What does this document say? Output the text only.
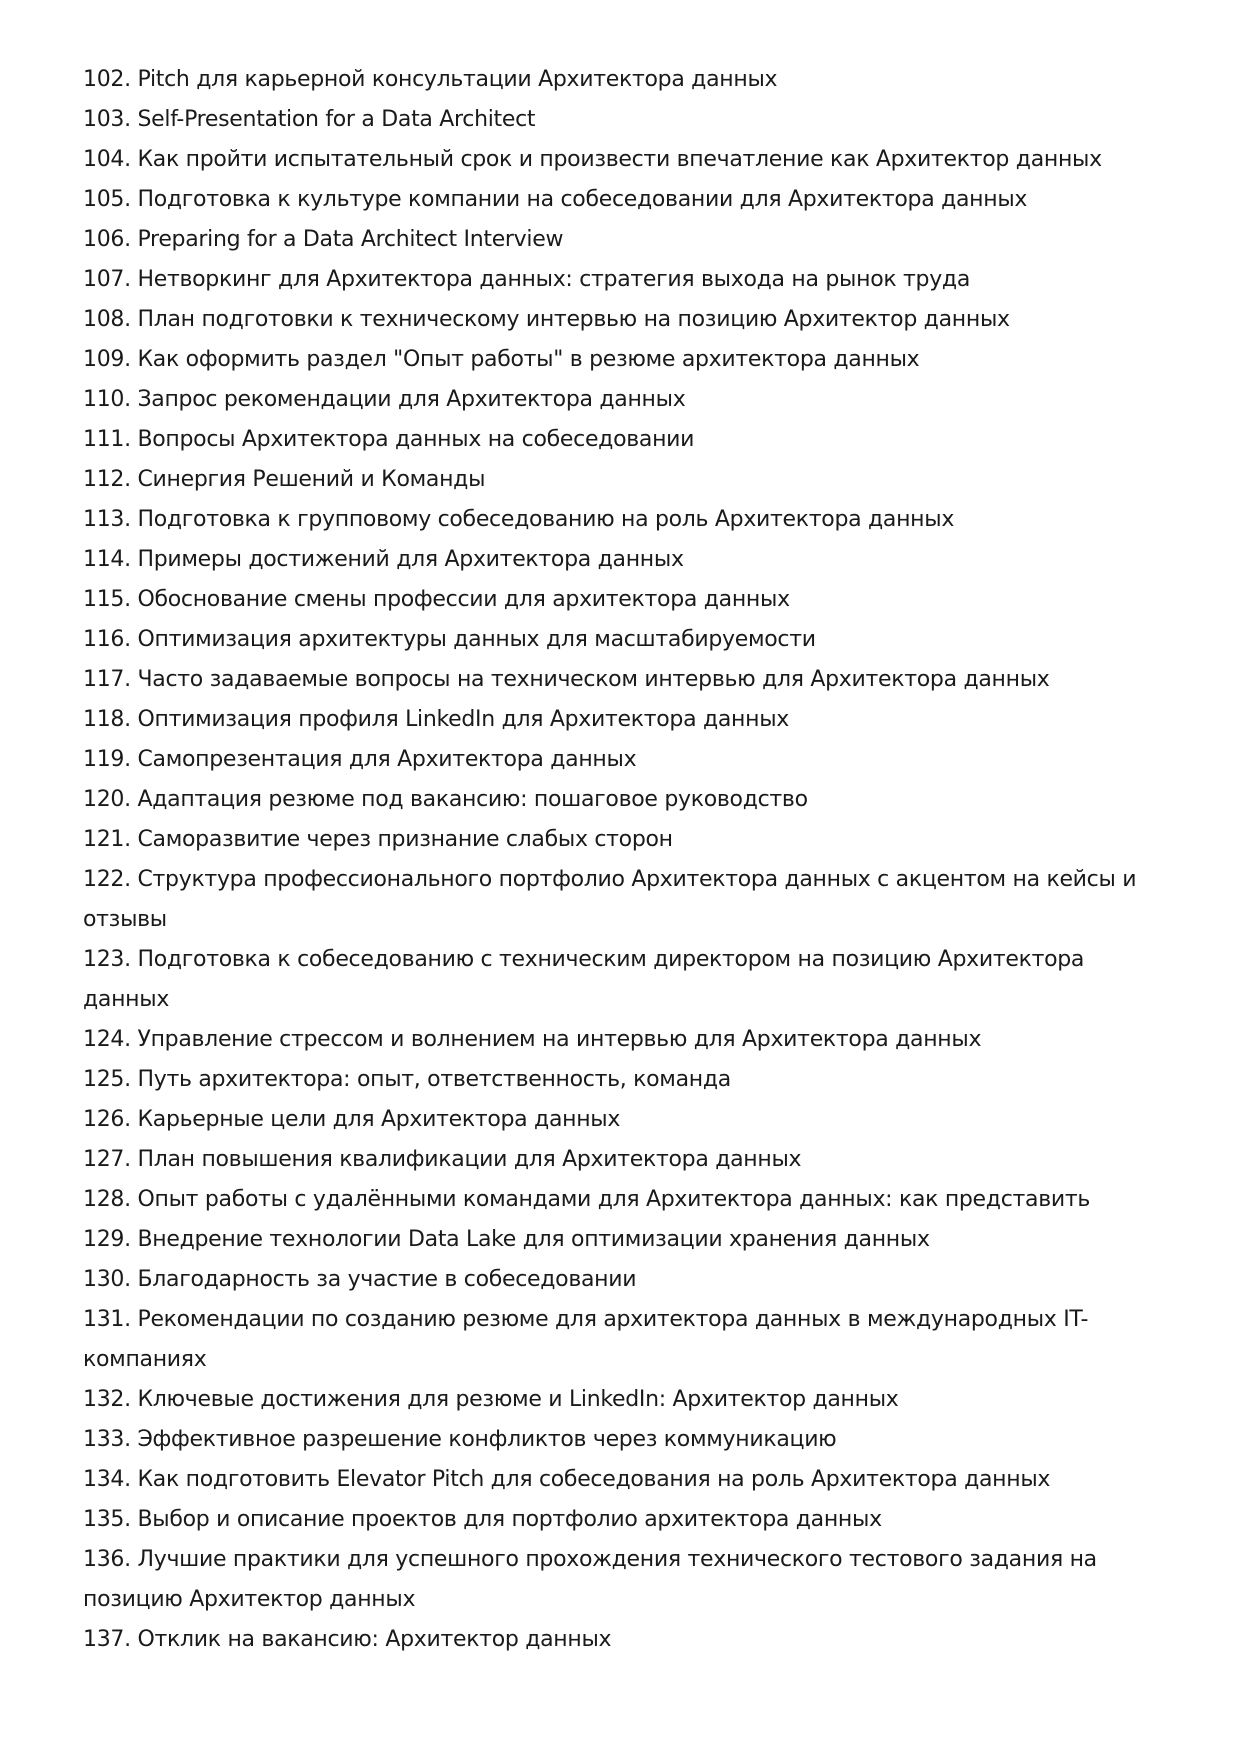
102. Pitch для карьерной консультации Архитектора данных
103. Self-Presentation for a Data Architect
104. Как пройти испытательный срок и произвести впечатление как Архитектор данных
105. Подготовка к культуре компании на собеседовании для Архитектора данных
106. Preparing for a Data Architect Interview
107. Нетворкинг для Архитектора данных: стратегия выхода на рынок труда
108. План подготовки к техническому интервью на позицию Архитектор данных
109. Как оформить раздел "Опыт работы" в резюме архитектора данных
110. Запрос рекомендации для Архитектора данных
111. Вопросы Архитектора данных на собеседовании
112. Синергия Решений и Команды
113. Подготовка к групповому собеседованию на роль Архитектора данных
114. Примеры достижений для Архитектора данных
115. Обоснование смены профессии для архитектора данных
116. Оптимизация архитектуры данных для масштабируемости
117. Часто задаваемые вопросы на техническом интервью для Архитектора данных
118. Оптимизация профиля LinkedIn для Архитектора данных
119. Самопрезентация для Архитектора данных
120. Адаптация резюме под вакансию: пошаговое руководство
121. Саморазвитие через признание слабых сторон
122. Структура профессионального портфолио Архитектора данных с акцентом на кейсы и отзывы
123. Подготовка к собеседованию с техническим директором на позицию Архитектора данных
124. Управление стрессом и волнением на интервью для Архитектора данных
125. Путь архитектора: опыт, ответственность, команда
126. Карьерные цели для Архитектора данных
127. План повышения квалификации для Архитектора данных
128. Опыт работы с удалёнными командами для Архитектора данных: как представить
129. Внедрение технологии Data Lake для оптимизации хранения данных
130. Благодарность за участие в собеседовании
131. Рекомендации по созданию резюме для архитектора данных в международных IT-компаниях
132. Ключевые достижения для резюме и LinkedIn: Архитектор данных
133. Эффективное разрешение конфликтов через коммуникацию
134. Как подготовить Elevator Pitch для собеседования на роль Архитектора данных
135. Выбор и описание проектов для портфолио архитектора данных
136. Лучшие практики для успешного прохождения технического тестового задания на позицию Архитектор данных
137. Отклик на вакансию: Архитектор данных
